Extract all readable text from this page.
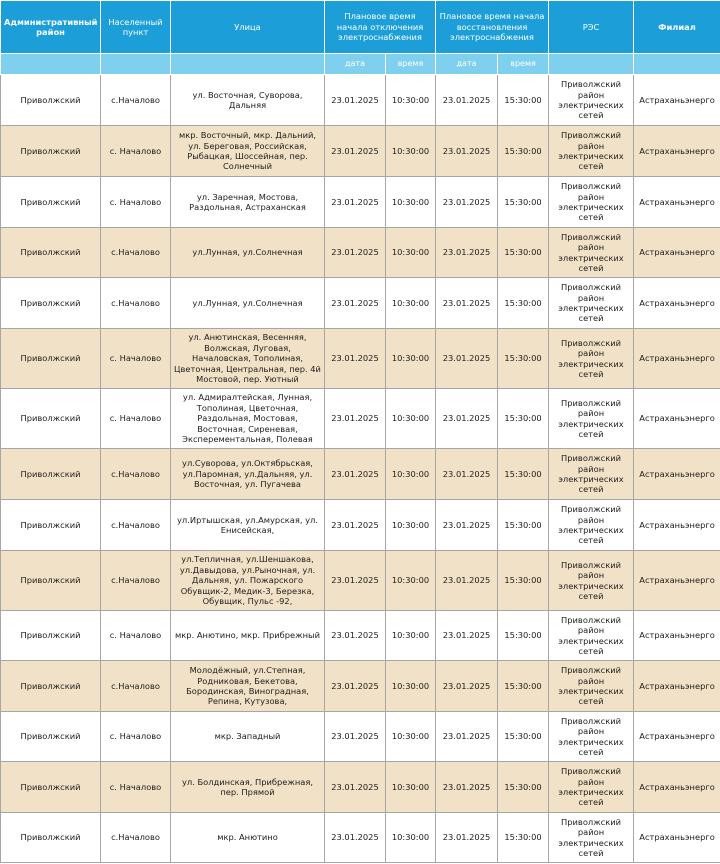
Административный район	Населенный пункт	Улица	Плановое время начала отключения электроснабжения		Плановое время начала восстановления электроснабжения		РЭС	Филиал
			дата	время	дата	время		
Приволжский	с.Началово	ул. Восточная, Суворова, Дальняя	23.01.2025	10:30:00	23.01.2025	15:30:00	Приволжский район электрических сетей	Астраханьэнерго
Приволжский	с. Началово	мкр. Восточный, мкр. Дальний, ул. Береговая, Российская, Рыбацкая, Шоссейная, пер. Солнечный	23.01.2025	10:30:00	23.01.2025	15:30:00	Приволжский район электрических сетей	Астраханьэнерго
Приволжский	с. Началово	ул. Заречная, Мостова, Раздольная, Астраханская	23.01.2025	10:30:00	23.01.2025	15:30:00	Приволжский район электрических сетей	Астраханьэнерго
Приволжский	с.Началово	ул.Лунная, ул.Солнечная	23.01.2025	10:30:00	23.01.2025	15:30:00	Приволжский район электрических сетей	Астраханьэнерго
Приволжский	с.Началово	ул.Лунная, ул.Солнечная	23.01.2025	10:30:00	23.01.2025	15:30:00	Приволжский район электрических сетей	Астраханьэнерго
Приволжский	с. Началово	ул. Анютинская, Весенняя, Волжская, Луговая, Началовская, Тополиная, Цветочная, Центральная, пер. 4й Мостовой, пер. Уютный	23.01.2025	10:30:00	23.01.2025	15:30:00	Приволжский район электрических сетей	Астраханьэнерго
Приволжский	с. Началово	ул. Адмиралтейская, Лунная, Тополиная, Цветочная, Раздольная, Мостовая, Восточная, Сиреневая, Эксперементальная, Полевая	23.01.2025	10:30:00	23.01.2025	15:30:00	Приволжский район электрических сетей	Астраханьэнерго
Приволжский	с.Началово	ул.Суворова, ул.Октябрьская, ул.Паромная, ул.Дальняя, ул. Восточная, ул. Пугачева	23.01.2025	10:30:00	23.01.2025	15:30:00	Приволжский район электрических сетей	Астраханьэнерго
Приволжский	с.Началово	ул.Иртышская, ул.Амурская, ул. Енисейская,	23.01.2025	10:30:00	23.01.2025	15:30:00	Приволжский район электрических сетей	Астраханьэнерго
Приволжский	с.Началово	ул.Тепличная, ул.Шеншакова, ул.Давыдова, ул.Рыночная, ул. Дальняя, ул. Пожарского Обувщик-2, Медик-3, Березка, Обувщик, Пульс -92,	23.01.2025	10:30:00	23.01.2025	15:30:00	Приволжский район электрических сетей	Астраханьэнерго
Приволжский	с. Началово	мкр. Анютино, мкр. Прибрежный	23.01.2025	10:30:00	23.01.2025	15:30:00	Приволжский район электрических сетей	Астраханьэнерго
Приволжский	с.Началово	Молодёжный, ул.Степная, Родниковая, Бекетова, Бородинская, Виноградная, Репина, Кутузова,	23.01.2025	10:30:00	23.01.2025	15:30:00	Приволжский район электрических сетей	Астраханьэнерго
Приволжский	с. Началово	мкр. Западный	23.01.2025	10:30:00	23.01.2025	15:30:00	Приволжский район электрических сетей	Астраханьэнерго
Приволжский	с. Началово	ул. Болдинская, Прибрежная, пер. Прямой	23.01.2025	10:30:00	23.01.2025	15:30:00	Приволжский район электрических сетей	Астраханьэнерго
Приволжский	с.Началово	мкр. Анютино	23.01.2025	10:30:00	23.01.2025	15:30:00	Приволжский район электрических сетей	Астраханьэнерго
